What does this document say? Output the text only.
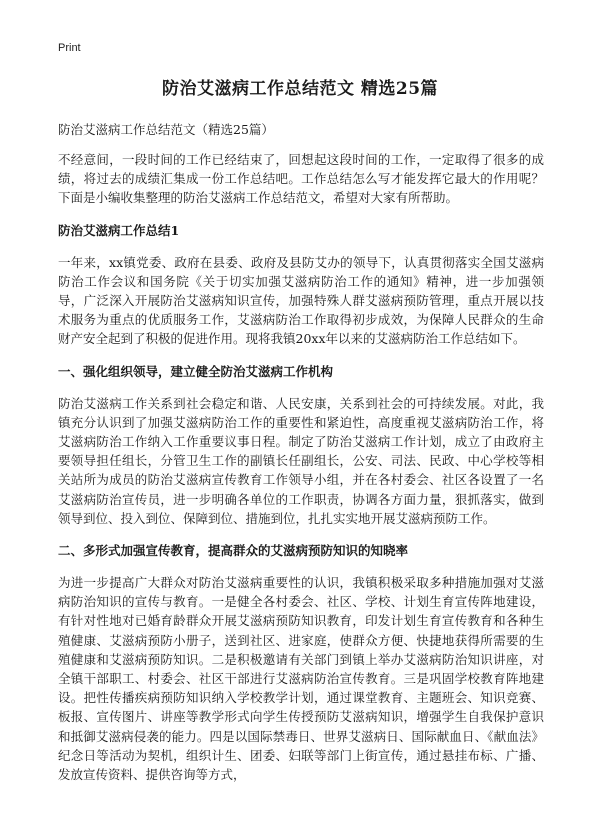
Print
防治艾滋病工作总结范文 精选25篇

防治艾滋病工作总结范文（精选25篇）

不经意间，一段时间的工作已经结束了，回想起这段时间的工作，一定取得了很多的成绩，将过去的成绩汇集成一份工作总结吧。工作总结怎么写才能发挥它最大的作用呢？下面是小编收集整理的防治艾滋病工作总结范文，希望对大家有所帮助。

防治艾滋病工作总结1

一年来，xx镇党委、政府在县委、政府及县防艾办的领导下，认真贯彻落实全国艾滋病防治工作会议和国务院《关于切实加强艾滋病防治工作的通知》精神，进一步加强领导，广泛深入开展防治艾滋病知识宣传，加强特殊人群艾滋病预防管理，重点开展以技术服务为重点的优质服务工作，艾滋病防治工作取得初步成效，为保障人民群众的生命财产安全起到了积极的促进作用。现将我镇20xx年以来的艾滋病防治工作总结如下。

一、强化组织领导，建立健全防治艾滋病工作机构

防治艾滋病工作关系到社会稳定和谐、人民安康，关系到社会的可持续发展。对此，我镇充分认识到了加强艾滋病防治工作的重要性和紧迫性，高度重视艾滋病防治工作，将艾滋病防治工作纳入工作重要议事日程。制定了防治艾滋病工作计划，成立了由政府主要领导担任组长，分管卫生工作的副镇长任副组长，公安、司法、民政、中心学校等相关站所为成员的防治艾滋病宣传教育工作领导小组，并在各村委会、社区各设置了一名艾滋病防治宣传员，进一步明确各单位的工作职责，协调各方面力量，狠抓落实，做到领导到位、投入到位、保障到位、措施到位，扎扎实实地开展艾滋病预防工作。

二、多形式加强宣传教育，提高群众的艾滋病预防知识的知晓率

为进一步提高广大群众对防治艾滋病重要性的认识，我镇积极采取多种措施加强对艾滋病防治知识的宣传与教育。一是健全各村委会、社区、学校、计划生育宣传阵地建设，有针对性地对已婚育龄群众开展艾滋病预防知识教育，印发计划生育宣传教育和各种生殖健康、艾滋病预防小册子，送到社区、进家庭，使群众方便、快捷地获得所需要的生殖健康和艾滋病预防知识。二是积极邀请有关部门到镇上举办艾滋病防治知识讲座，对全镇干部职工、村委会、社区干部进行艾滋病防治宣传教育。三是巩固学校教育阵地建设。把性传播疾病预防知识纳入学校教学计划，通过课堂教育、主题班会、知识竞赛、板报、宣传图片、讲座等教学形式向学生传授预防艾滋病知识，增强学生自我保护意识和抵御艾滋病侵袭的能力。四是以国际禁毒日、世界艾滋病日、国际献血日、《献血法》纪念日等活动为契机，组织计生、团委、妇联等部门上街宣传，通过悬挂布标、广播、发放宣传资料、提供咨询等方式，
